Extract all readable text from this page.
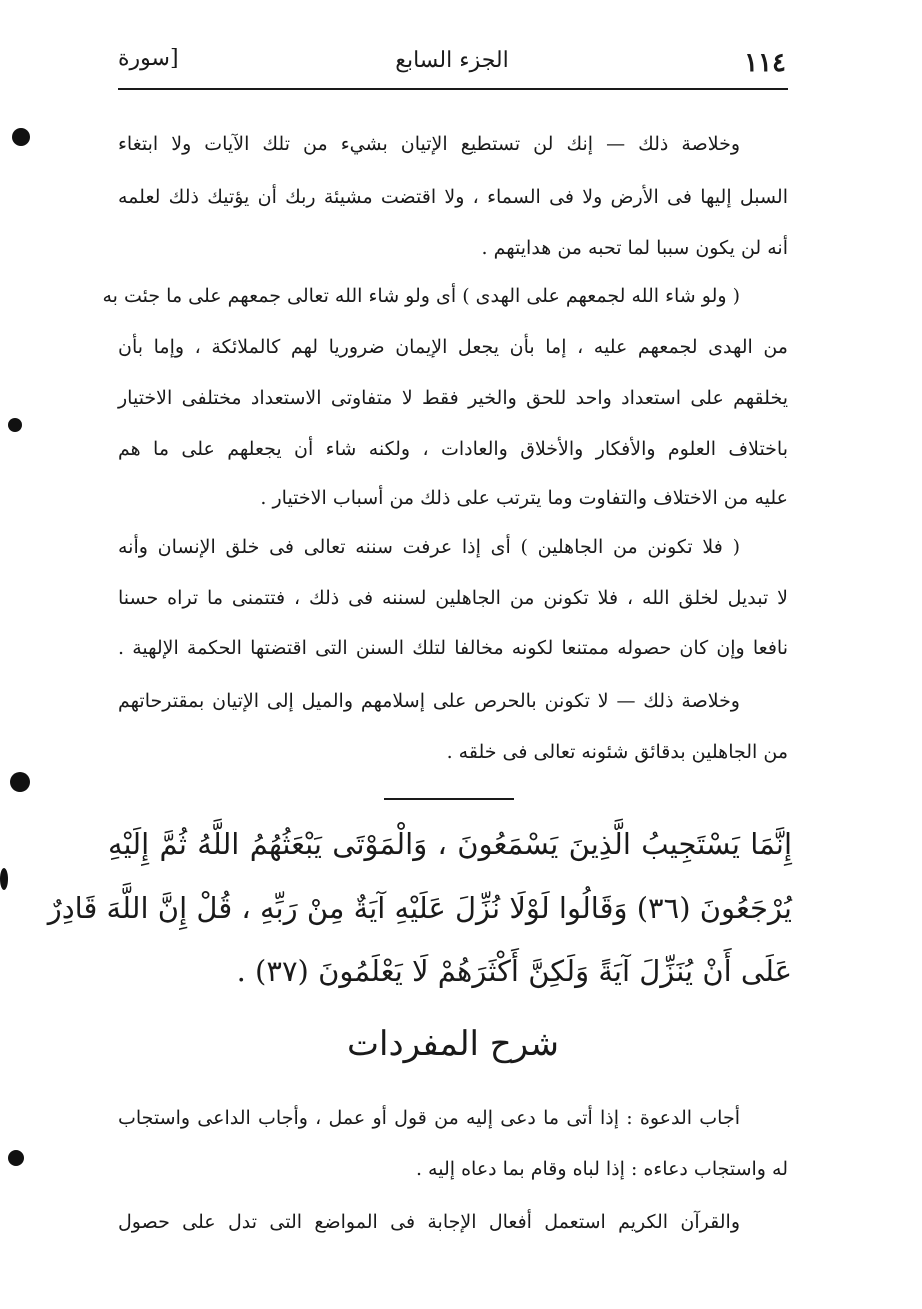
١١٤
الجزء السابع
[سورة
وخلاصة ذلك — إنك لن تستطيع الإتيان بشيء من تلك الآيات ولا ابتغاء
السبل إليها فى الأرض ولا فى السماء ، ولا اقتضت مشيئة ربك أن يؤتيك ذلك لعلمه
أنه لن يكون سببا لما تحبه من هدايتهم .
( ولو شاء الله لجمعهم على الهدى ) أى ولو شاء الله تعالى جمعهم على ما جئت به
من الهدى لجمعهم عليه ، إما بأن يجعل الإيمان ضروريا لهم كالملائكة ، وإما بأن
يخلقهم على استعداد واحد للحق والخير فقط لا متفاوتى الاستعداد مختلفى الاختيار
باختلاف العلوم والأفكار والأخلاق والعادات ، ولكنه شاء أن يجعلهم على ما هم
عليه من الاختلاف والتفاوت وما يترتب على ذلك من أسباب الاختيار .
( فلا تكونن من الجاهلين ) أى إذا عرفت سننه تعالى فى خلق الإنسان وأنه
لا تبديل لخلق الله ، فلا تكونن من الجاهلين لسننه فى ذلك ، فتتمنى ما تراه حسنا
نافعا وإن كان حصوله ممتنعا لكونه مخالفا لتلك السنن التى اقتضتها الحكمة الإلهية .
وخلاصة ذلك — لا تكونن بالحرص على إسلامهم والميل إلى الإتيان بمقترحاتهم
من الجاهلين بدقائق شئونه تعالى فى خلقه .
إِنَّمَا يَسْتَجِيبُ الَّذِينَ يَسْمَعُونَ ، وَالْمَوْتَى يَبْعَثُهُمُ اللَّهُ ثُمَّ إِلَيْهِ
يُرْجَعُونَ (٣٦) وَقَالُوا لَوْلَا نُزِّلَ عَلَيْهِ آيَةٌ مِنْ رَبِّهِ ، قُلْ إِنَّ اللَّهَ قَادِرٌ
عَلَى أَنْ يُنَزِّلَ آيَةً وَلَكِنَّ أَكْثَرَهُمْ لَا يَعْلَمُونَ (٣٧) .
شرح المفردات
أجاب الدعوة : إذا أتى ما دعى إليه من قول أو عمل ، وأجاب الداعى واستجاب
له واستجاب دعاءه : إذا لباه وقام بما دعاه إليه .
والقرآن الكريم استعمل أفعال الإجابة فى المواضع التى تدل على حصول
